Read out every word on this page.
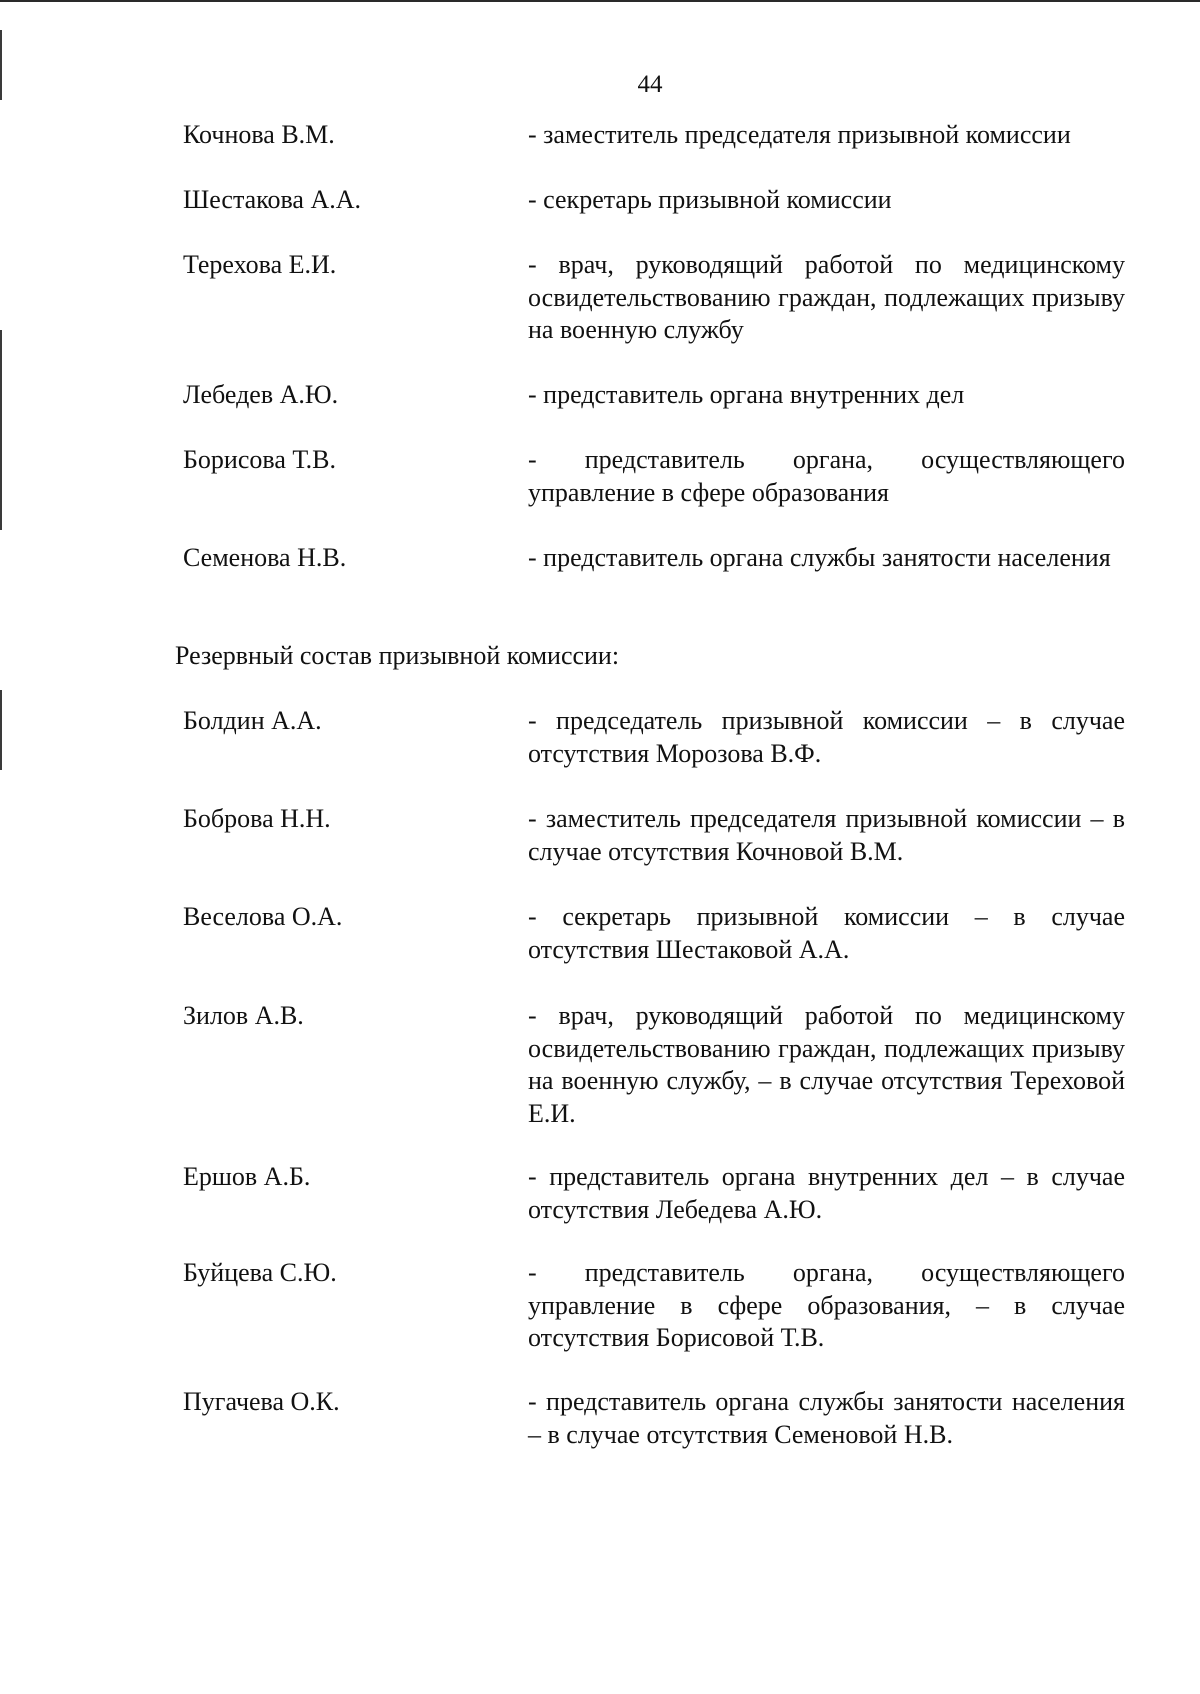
44
Кочнова В.М.	- заместитель председателя призывной комиссии
Шестакова А.А.	- секретарь призывной комиссии
Терехова Е.И.	- врач, руководящий работой по медицинскому освидетельствованию граждан, подлежащих призыву на военную службу
Лебедев А.Ю.	- представитель органа внутренних дел
Борисова Т.В.	- представитель органа, осуществляющего управление в сфере образования
Семенова Н.В.	- представитель органа службы занятости населения
Резервный состав призывной комиссии:
Болдин А.А.	- председатель призывной комиссии – в случае отсутствия Морозова В.Ф.
Боброва Н.Н.	- заместитель председателя призывной комиссии – в случае отсутствия Кочновой В.М.
Веселова О.А.	- секретарь призывной комиссии – в случае отсутствия Шестаковой А.А.
Зилов А.В.	- врач, руководящий работой по медицинскому освидетельствованию граждан, подлежащих призыву на военную службу, – в случае отсутствия Тереховой Е.И.
Ершов А.Б.	- представитель органа внутренних дел – в случае отсутствия Лебедева А.Ю.
Буйцева С.Ю.	- представитель органа, осуществляющего управление в сфере образования, – в случае отсутствия Борисовой Т.В.
Пугачева О.К.	- представитель органа службы занятости населения – в случае отсутствия Семеновой Н.В.
